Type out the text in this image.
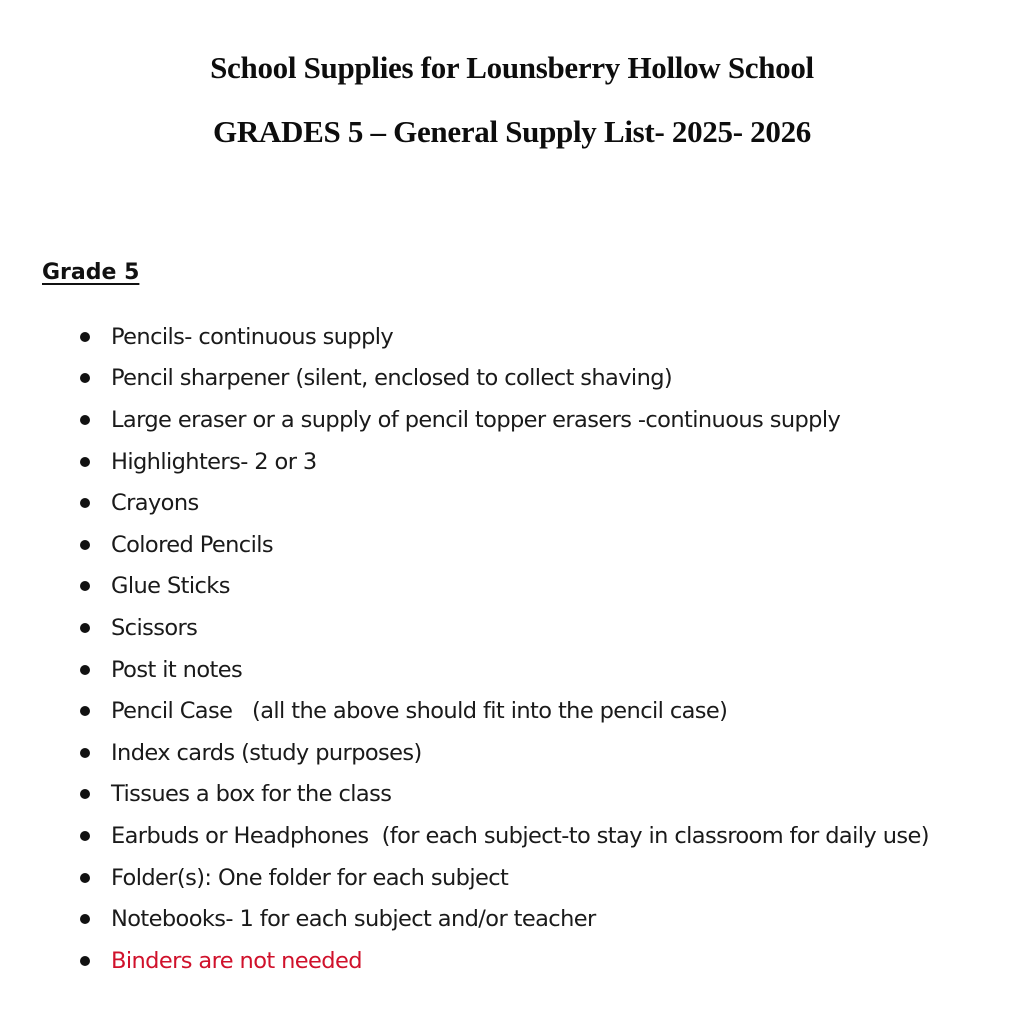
School Supplies for Lounsberry Hollow School
GRADES 5 – General Supply List- 2025- 2026
Grade 5
Pencils- continuous supply
Pencil sharpener (silent, enclosed to collect shaving)
Large eraser or a supply of pencil topper erasers -continuous supply
Highlighters- 2 or 3
Crayons
Colored Pencils
Glue Sticks
Scissors
Post it notes
Pencil Case   (all the above should fit into the pencil case)
Index cards (study purposes)
Tissues a box for the class
Earbuds or Headphones  (for each subject-to stay in classroom for daily use)
Folder(s): One folder for each subject
Notebooks- 1 for each subject and/or teacher
Binders are not needed
